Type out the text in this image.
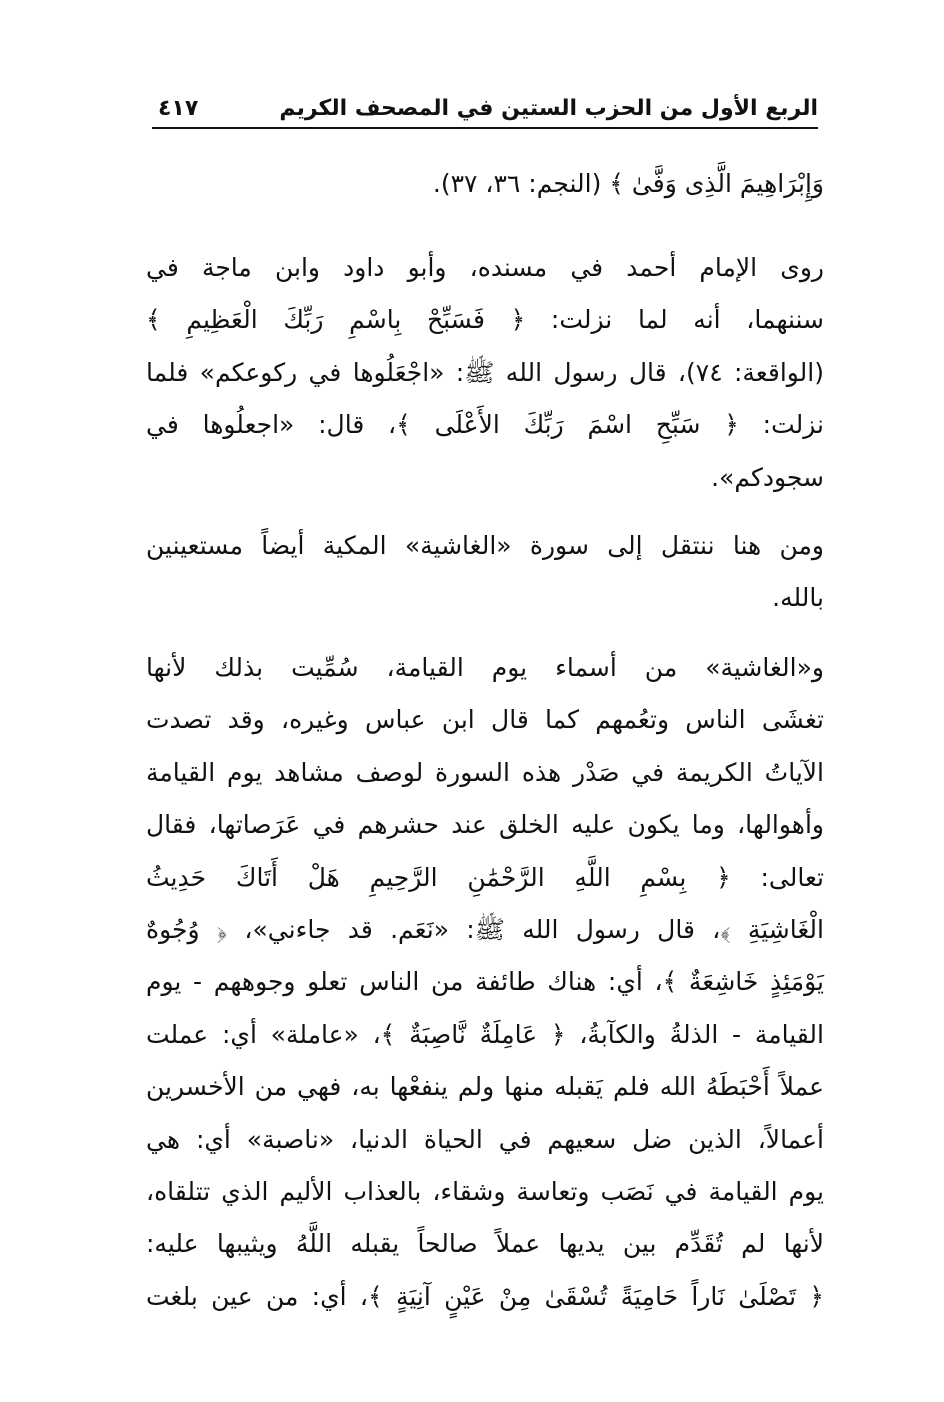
الربع الأول من الحزب الستين في المصحف الكريم
٤١٧
وَإِبْرَاهِيمَ الَّذِى وَفَّىٰ ﴾ (النجم: ٣٦، ٣٧).
روى الإمام أحمد في مسنده، وأبو داود وابن ماجة في
سننهما، أنه لما نزلت: ﴿ فَسَبِّحْ بِاسْمِ رَبِّكَ الْعَظِيمِ ﴾
(الواقعة: ٧٤)، قال رسول الله ﷺ: «اجْعَلُوها في ركوعكم» فلما
نزلت: ﴿ سَبِّحِ اسْمَ رَبِّكَ الأَعْلَى ﴾، قال: «اجعلُوها في
سجودكم».
ومن هنا ننتقل إلى سورة «الغاشية» المكية أيضاً مستعينين
بالله.
و«الغاشية» من أسماء يوم القيامة، سُمِّيت بذلك لأنها
تغشَى الناس وتعُمهم كما قال ابن عباس وغيره، وقد تصدت
الآياتُ الكريمة في صَدْر هذه السورة لوصف مشاهد يوم القيامة
وأهوالها، وما يكون عليه الخلق عند حشرهم في عَرَصاتها، فقال
تعالى: ﴿ بِسْمِ اللَّهِ الرَّحْمَٰنِ الرَّحِيمِ هَلْ أَتَاكَ حَدِيثُ
الْغَاشِيَةِ ﴾، قال رسول الله ﷺ: «نَعَم. قد جاءني»، ﴿ وُجُوهٌ
يَوْمَئِذٍ خَاشِعَةٌ ﴾، أي: هناك طائفة من الناس تعلو وجوههم - يوم
القيامة - الذلةُ والكآبةُ، ﴿ عَامِلَةٌ نَّاصِبَةٌ ﴾، «عاملة» أي: عملت
عملاً أَحْبَطَهُ الله فلم يَقبله منها ولم ينفعْها به، فهي من الأخسرين
أعمالاً، الذين ضل سعيهم في الحياة الدنيا، «ناصبة» أي: هي
يوم القيامة في نَصَب وتعاسة وشقاء، بالعذاب الأليم الذي تتلقاه،
لأنها لم تُقَدِّم بين يديها عملاً صالحاً يقبله اللَّهُ ويثيبها عليه:
﴿ تَصْلَىٰ نَاراً حَامِيَةً تُسْقَىٰ مِنْ عَيْنٍ آنِيَةٍ ﴾، أي: من عين بلغت
